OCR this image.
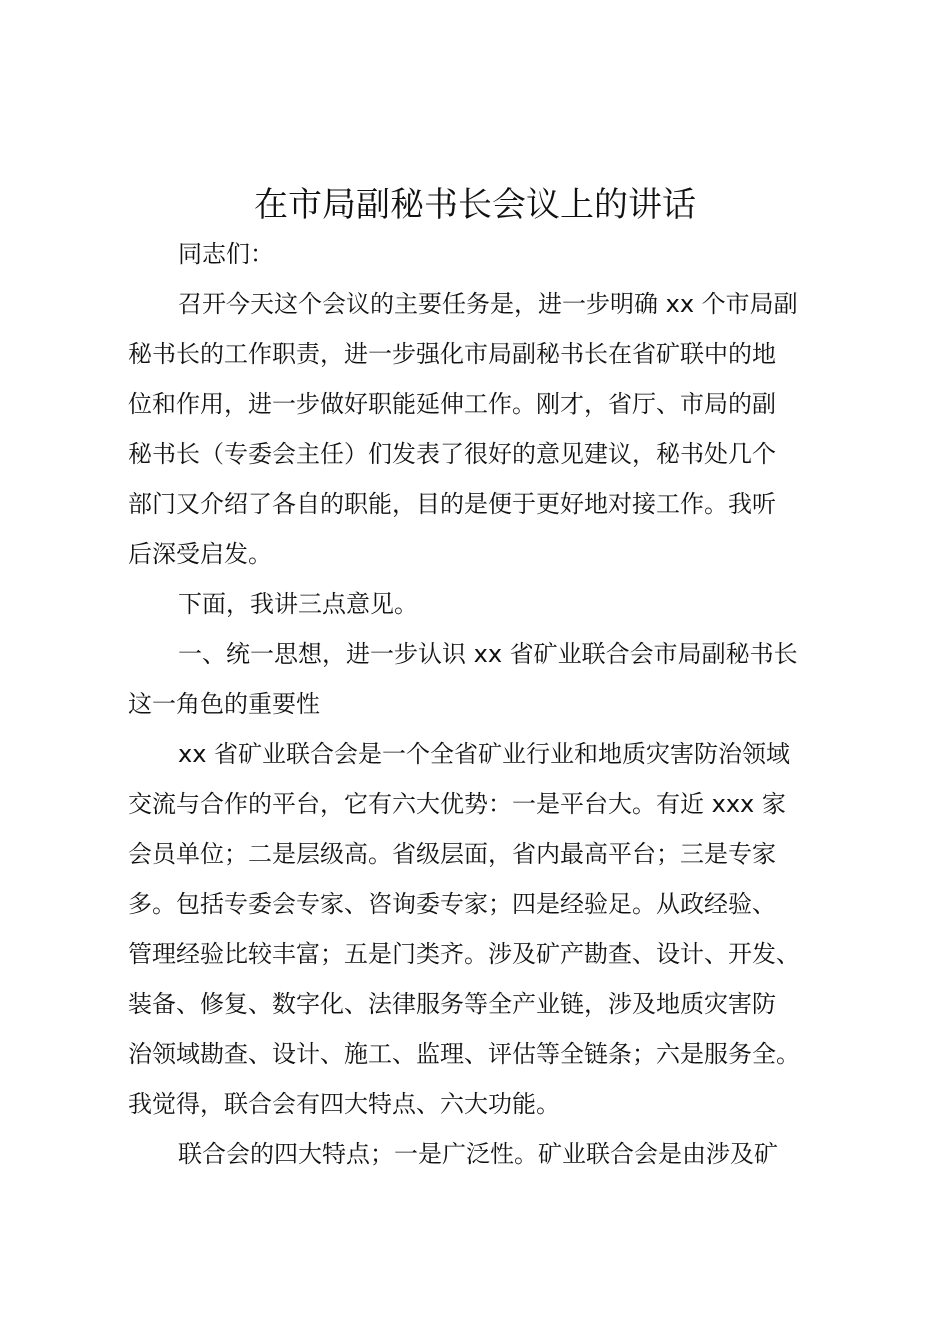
在市局副秘书长会议上的讲话
同志们：
召开今天这个会议的主要任务是，进一步明确 xx 个市局副
秘书长的工作职责，进一步强化市局副秘书长在省矿联中的地
位和作用，进一步做好职能延伸工作。刚才，省厅、市局的副
秘书长（专委会主任）们发表了很好的意见建议，秘书处几个
部门又介绍了各自的职能，目的是便于更好地对接工作。我听
后深受启发。
下面，我讲三点意见。
一、统一思想，进一步认识 xx 省矿业联合会市局副秘书长
这一角色的重要性
xx 省矿业联合会是一个全省矿业行业和地质灾害防治领域
交流与合作的平台，它有六大优势：一是平台大。有近 xxx 家
会员单位；二是层级高。省级层面，省内最高平台；三是专家
多。包括专委会专家、咨询委专家；四是经验足。从政经验、
管理经验比较丰富；五是门类齐。涉及矿产勘查、设计、开发、
装备、修复、数字化、法律服务等全产业链，涉及地质灾害防
治领域勘查、设计、施工、监理、评估等全链条；六是服务全。
我觉得，联合会有四大特点、六大功能。
联合会的四大特点；一是广泛性。矿业联合会是由涉及矿
